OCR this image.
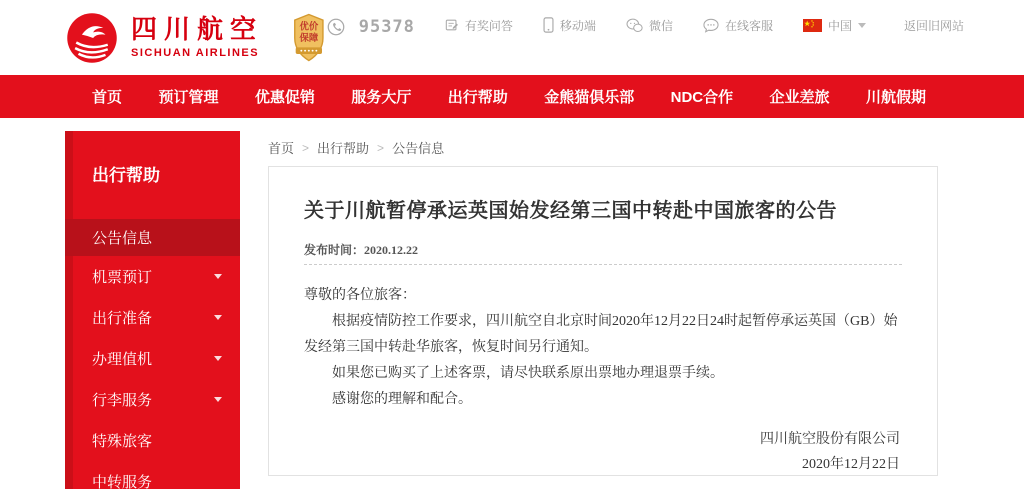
四川航空
SICHUAN AIRLINES
优价
保障
95378	有奖问答	移动端	微信	在线客服	中国	返回旧网站
首页 预订管理 优惠促销 服务大厅 出行帮助 金熊猫俱乐部 NDC合作 企业差旅 川航假期
出行帮助
公告信息
机票预订
出行准备
办理值机
行李服务
特殊旅客
中转服务
首页 > 出行帮助 > 公告信息
关于川航暂停承运英国始发经第三国中转赴中国旅客的公告
发布时间：2020.12.22

尊敬的各位旅客：

根据疫情防控工作要求，四川航空自北京时间2020年12月22日24时起暂停承运英国（GB）始发经第三国中转赴华旅客，恢复时间另行通知。

如果您已购买了上述客票，请尽快联系原出票地办理退票手续。

感谢您的理解和配合。

四川航空股份有限公司
2020年12月22日
